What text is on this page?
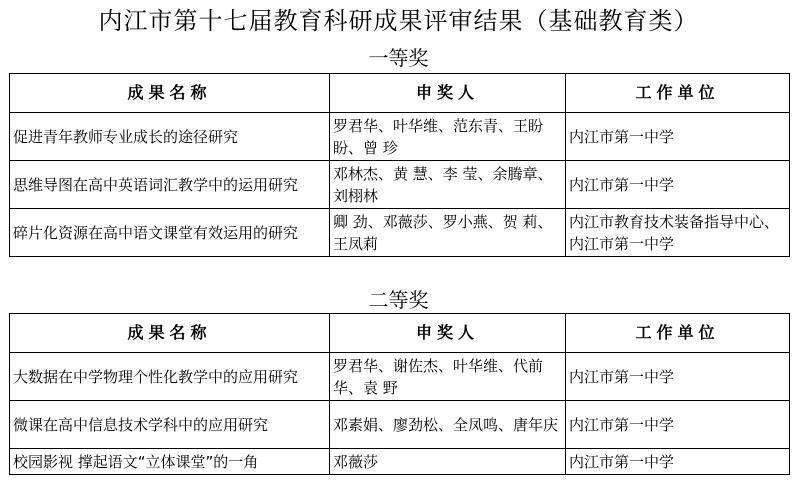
内江市第十七届教育科研成果评审结果（基础教育类）
一等奖
成果名称	申奖人	工作单位
促进青年教师专业成长的途径研究	罗君华、叶华维、范东青、王盼盼、曾 珍	内江市第一中学
思维导图在高中英语词汇教学中的运用研究	邓林杰、黄 慧、李 莹、余腾章、刘栩林	内江市第一中学
碎片化资源在高中语文课堂有效运用的研究	卿 劲、邓薇莎、罗小燕、贺 莉、王凤莉	内江市教育技术装备指导中心、内江市第一中学
二等奖
成果名称	申奖人	工作单位
大数据在中学物理个性化教学中的应用研究	罗君华、谢佐杰、叶华维、代前华、袁 野	内江市第一中学
微课在高中信息技术学科中的应用研究	邓素娟、廖劲松、全凤鸣、唐年庆	内江市第一中学
校园影视 撑起语文“立体课堂”的一角	邓薇莎	内江市第一中学
